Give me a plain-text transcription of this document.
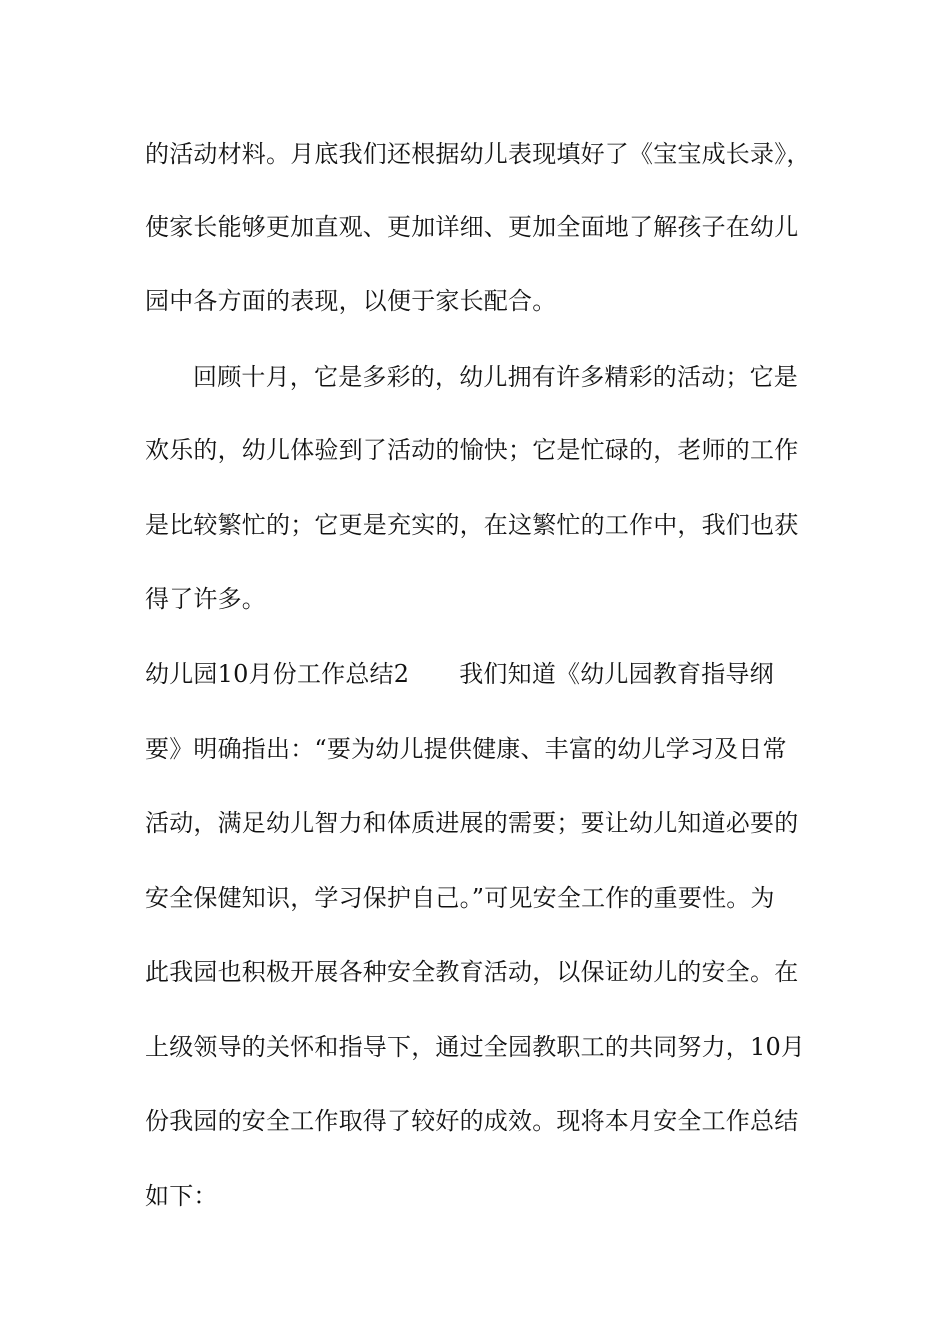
的活动材料。月底我们还根据幼儿表现填好了《宝宝成长录》，
使家长能够更加直观、更加详细、更加全面地了解孩子在幼儿
园中各方面的表现，以便于家长配合。
回顾十月，它是多彩的，幼儿拥有许多精彩的活动；它是
欢乐的，幼儿体验到了活动的愉快；它是忙碌的，老师的工作
是比较繁忙的；它更是充实的，在这繁忙的工作中，我们也获
得了许多。
幼儿园10月份工作总结2 我们知道《幼儿园教育指导纲
要》明确指出：“要为幼儿提供健康、丰富的幼儿学习及日常
活动，满足幼儿智力和体质进展的需要；要让幼儿知道必要的
安全保健知识，学习保护自己。”可见安全工作的重要性。为
此我园也积极开展各种安全教育活动，以保证幼儿的安全。在
上级领导的关怀和指导下，通过全园教职工的共同努力，10月
份我园的安全工作取得了较好的成效。现将本月安全工作总结
如下：
